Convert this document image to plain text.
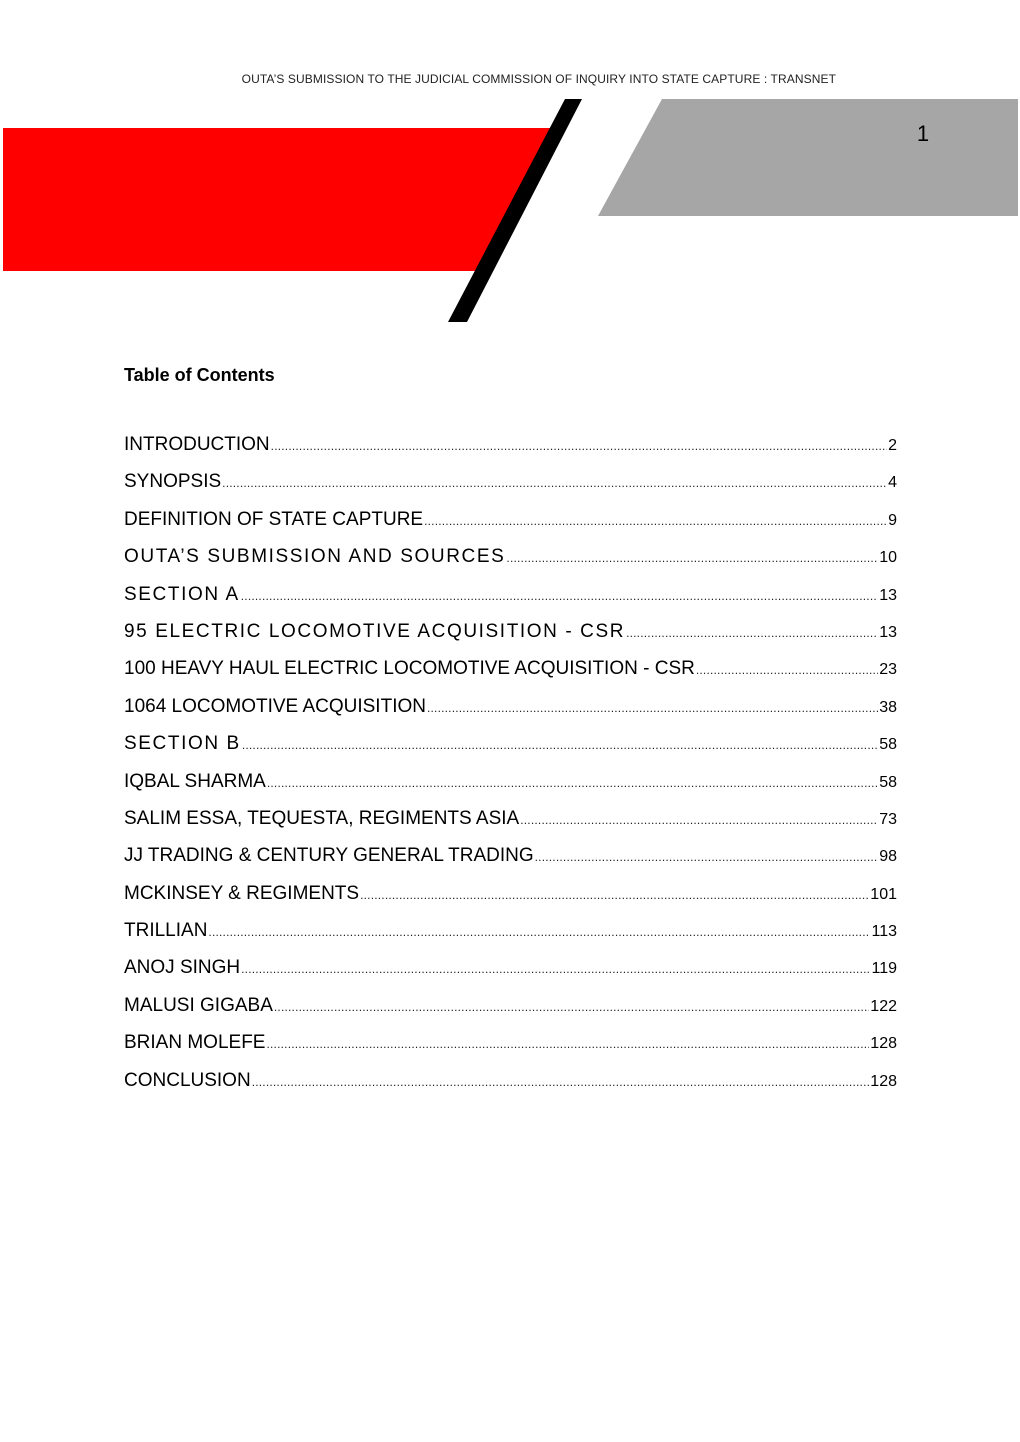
OUTA’S SUBMISSION TO THE JUDICIAL COMMISSION OF INQUIRY INTO STATE CAPTURE : TRANSNET
1
Table of Contents
INTRODUCTION .....	2
SYNOPSIS .....	4
DEFINITION OF STATE CAPTURE .....	9
OUTA’S SUBMISSION AND SOURCES .....	10
SECTION A .....	13
95 ELECTRIC LOCOMOTIVE ACQUISITION - CSR .....	13
100 HEAVY HAUL ELECTRIC LOCOMOTIVE ACQUISITION - CSR .....	23
1064 LOCOMOTIVE ACQUISITION .....	38
SECTION B .....	58
IQBAL SHARMA .....	58
SALIM ESSA, TEQUESTA, REGIMENTS ASIA .....	73
JJ TRADING & CENTURY GENERAL TRADING .....	98
MCKINSEY & REGIMENTS .....	101
TRILLIAN .....	113
ANOJ SINGH .....	119
MALUSI GIGABA .....	122
BRIAN MOLEFE .....	128
CONCLUSION .....	128
